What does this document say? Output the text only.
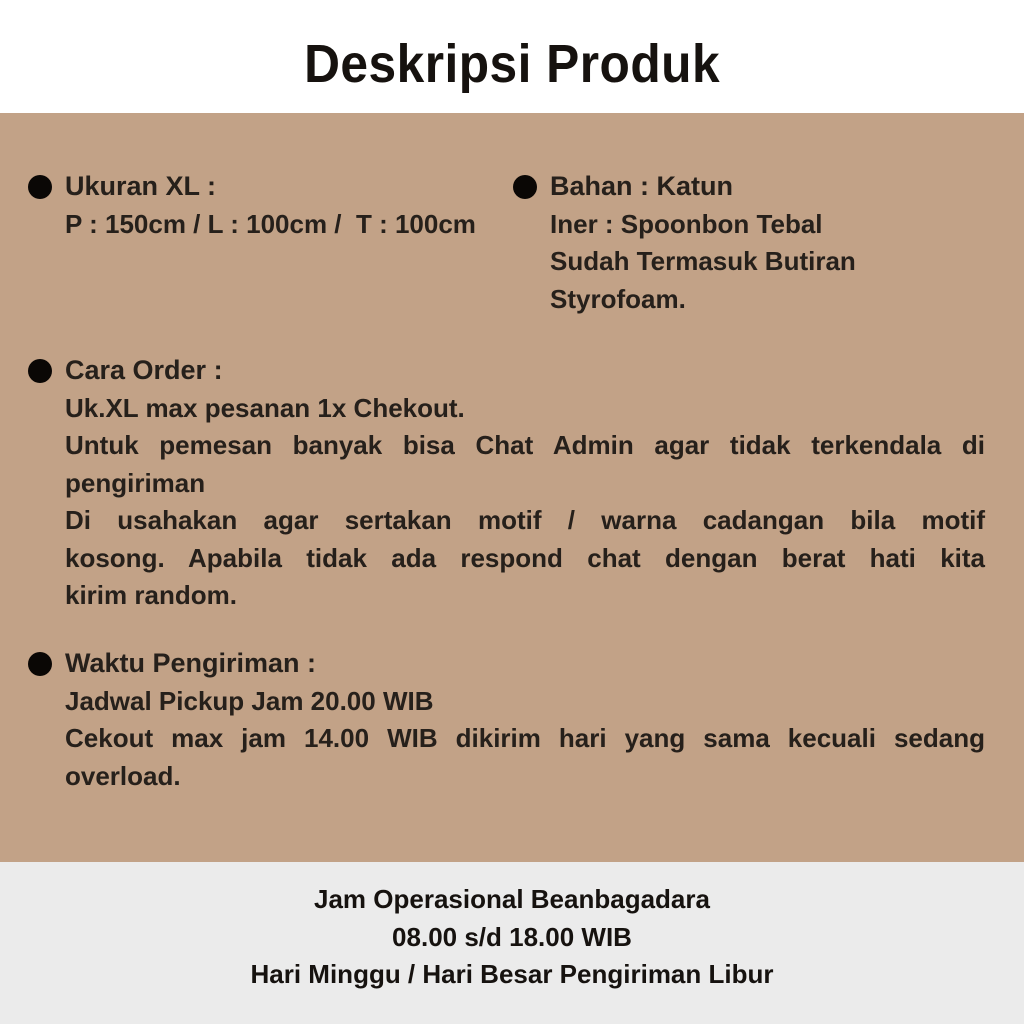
Deskripsi Produk
Ukuran XL :
P : 150cm / L : 100cm /  T : 100cm
Bahan : Katun
Iner : Spoonbon Tebal
Sudah Termasuk Butiran
Styrofoam.
Cara Order :
Uk.XL max pesanan 1x Chekout.
Untuk pemesan banyak bisa Chat Admin agar tidak terkendala di
pengiriman
Di usahakan agar sertakan motif / warna cadangan bila motif
kosong. Apabila tidak ada respond chat dengan berat hati kita
kirim random.
Waktu Pengiriman :
Jadwal Pickup Jam 20.00 WIB
Cekout max jam 14.00 WIB dikirim hari yang sama kecuali sedang
overload.
Jam Operasional Beanbagadara
08.00 s/d 18.00 WIB
Hari Minggu / Hari Besar Pengiriman Libur
